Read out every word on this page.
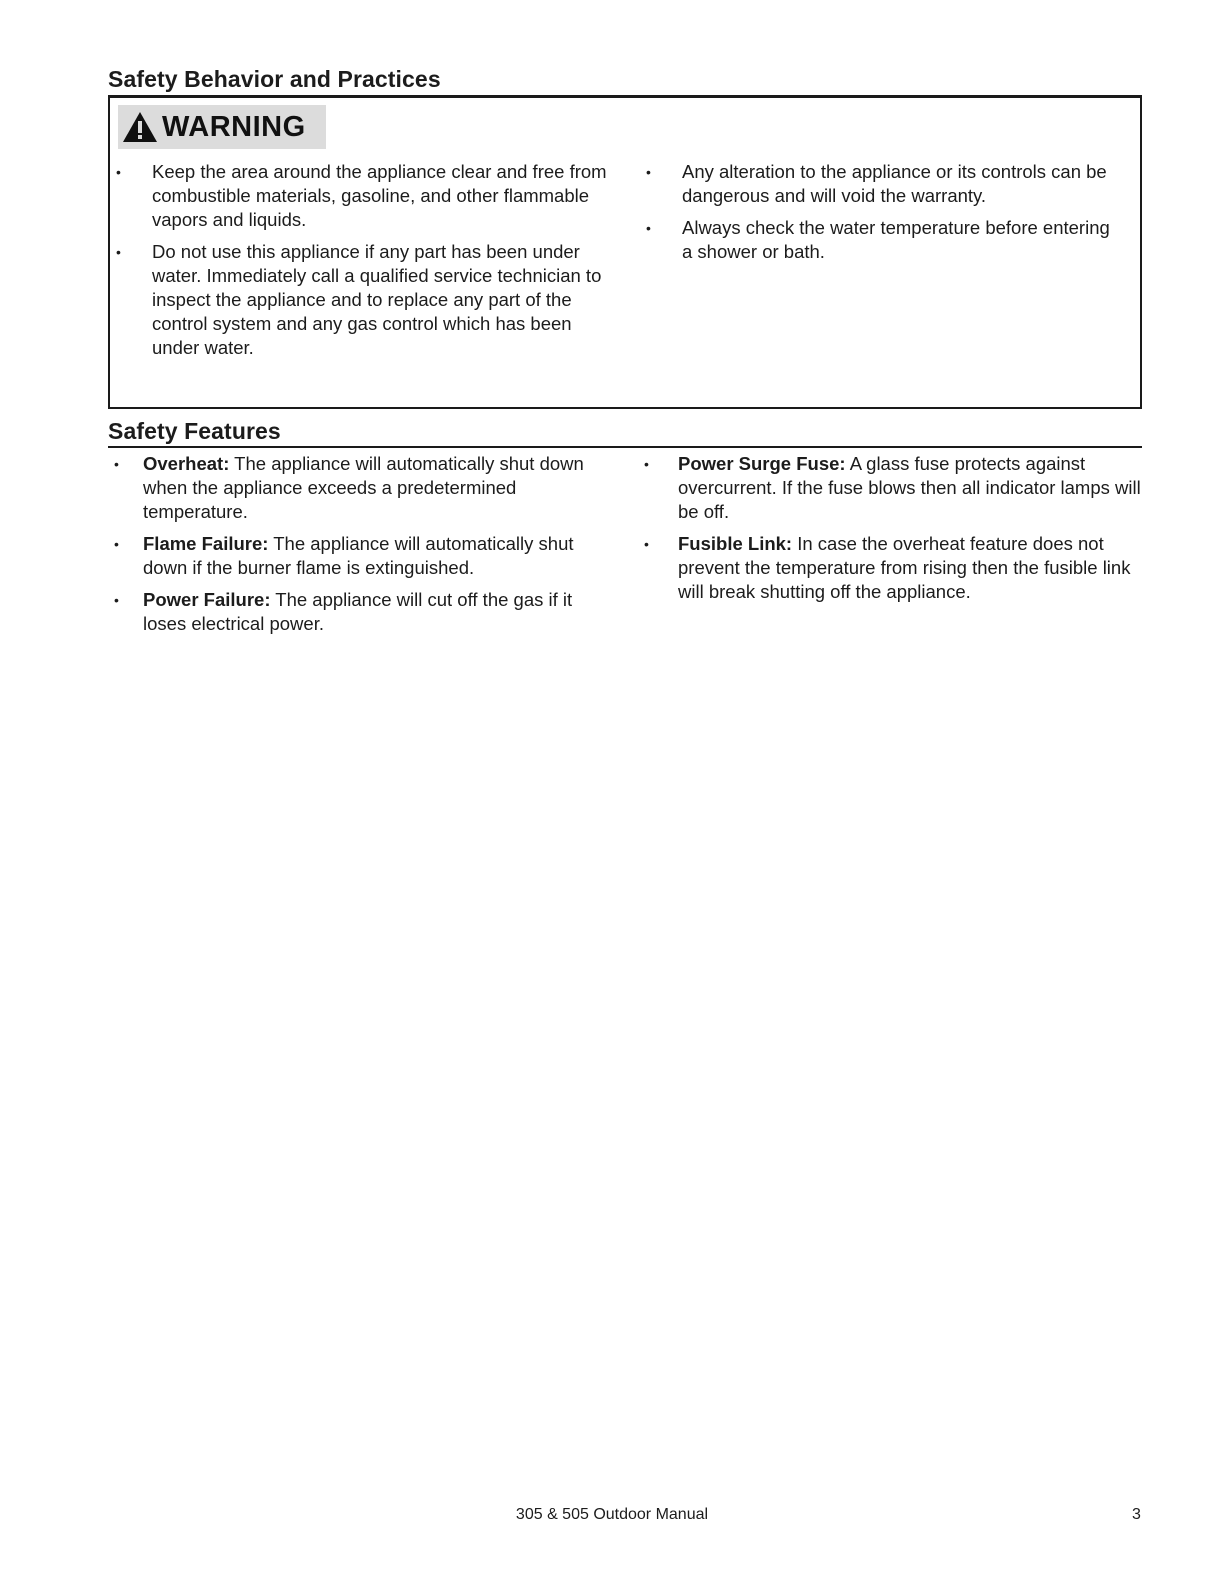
Safety Behavior and Practices
WARNING
• Keep the area around the appliance clear and free from combustible materials, gasoline, and other flammable vapors and liquids.
• Do not use this appliance if any part has been under water. Immediately call a qualified service technician to inspect the appliance and to replace any part of the control system and any gas control which has been under water.
• Any alteration to the appliance or its controls can be dangerous and will void the warranty.
• Always check the water temperature before entering a shower or bath.
Safety Features
• Overheat: The appliance will automatically shut down when the appliance exceeds a predetermined temperature.
• Flame Failure: The appliance will automatically shut down if the burner flame is extinguished.
• Power Failure: The appliance will cut off the gas if it loses electrical power.
• Power Surge Fuse: A glass fuse protects against overcurrent. If the fuse blows then all indicator lamps will be off.
• Fusible Link: In case the overheat feature does not prevent the temperature from rising then the fusible link will break shutting off the appliance.
305 & 505 Outdoor Manual	3
